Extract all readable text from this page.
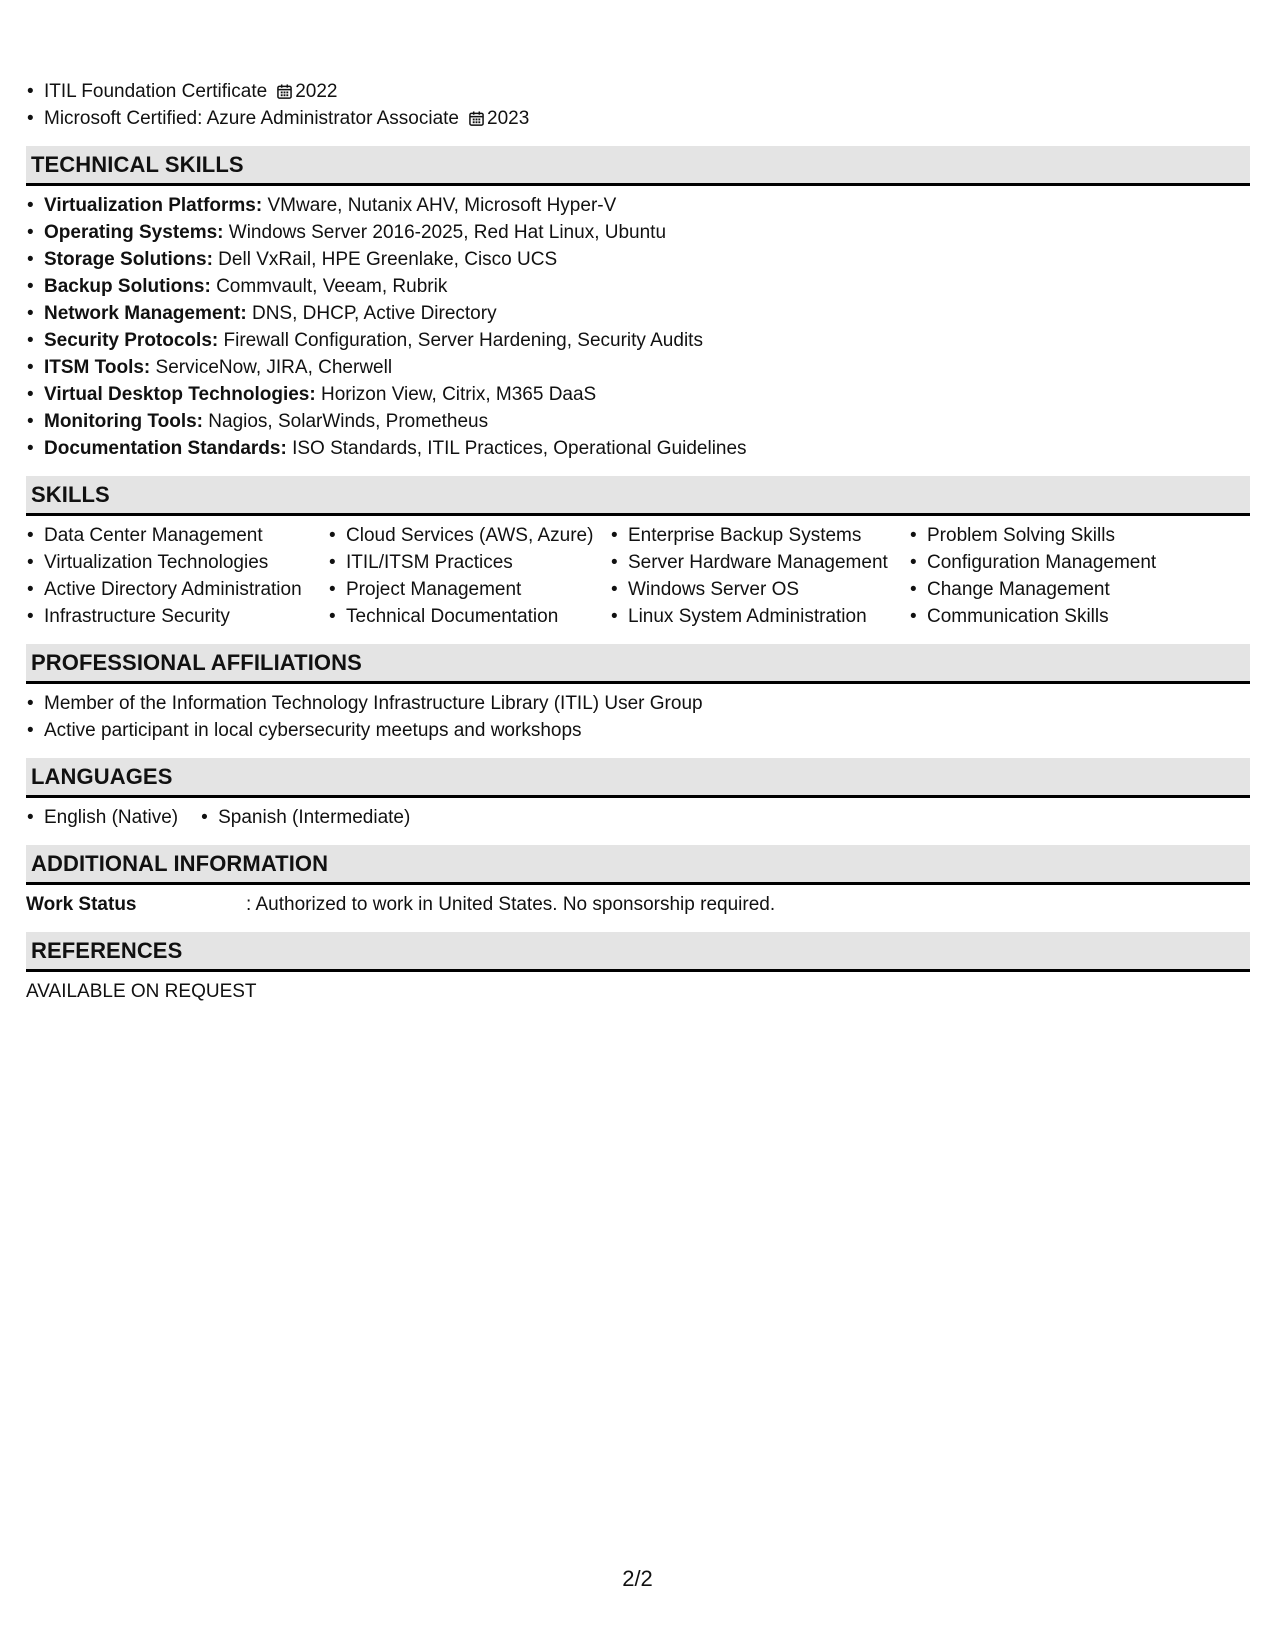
• ITIL Foundation Certificate 2022
• Microsoft Certified: Azure Administrator Associate 2023
TECHNICAL SKILLS
• Virtualization Platforms: VMware, Nutanix AHV, Microsoft Hyper-V
• Operating Systems: Windows Server 2016-2025, Red Hat Linux, Ubuntu
• Storage Solutions: Dell VxRail, HPE Greenlake, Cisco UCS
• Backup Solutions: Commvault, Veeam, Rubrik
• Network Management: DNS, DHCP, Active Directory
• Security Protocols: Firewall Configuration, Server Hardening, Security Audits
• ITSM Tools: ServiceNow, JIRA, Cherwell
• Virtual Desktop Technologies: Horizon View, Citrix, M365 DaaS
• Monitoring Tools: Nagios, SolarWinds, Prometheus
• Documentation Standards: ISO Standards, ITIL Practices, Operational Guidelines
SKILLS
• Data Center Management
• Virtualization Technologies
• Active Directory Administration
• Infrastructure Security
• Cloud Services (AWS, Azure)
• ITIL/ITSM Practices
• Project Management
• Technical Documentation
• Enterprise Backup Systems
• Server Hardware Management
• Windows Server OS
• Linux System Administration
• Problem Solving Skills
• Configuration Management
• Change Management
• Communication Skills
PROFESSIONAL AFFILIATIONS
• Member of the Information Technology Infrastructure Library (ITIL) User Group
• Active participant in local cybersecurity meetups and workshops
LANGUAGES
• English (Native)
•	Spanish (Intermediate)
ADDITIONAL INFORMATION
Work Status	: Authorized to work in United States. No sponsorship required.
REFERENCES
AVAILABLE ON REQUEST
2/2
